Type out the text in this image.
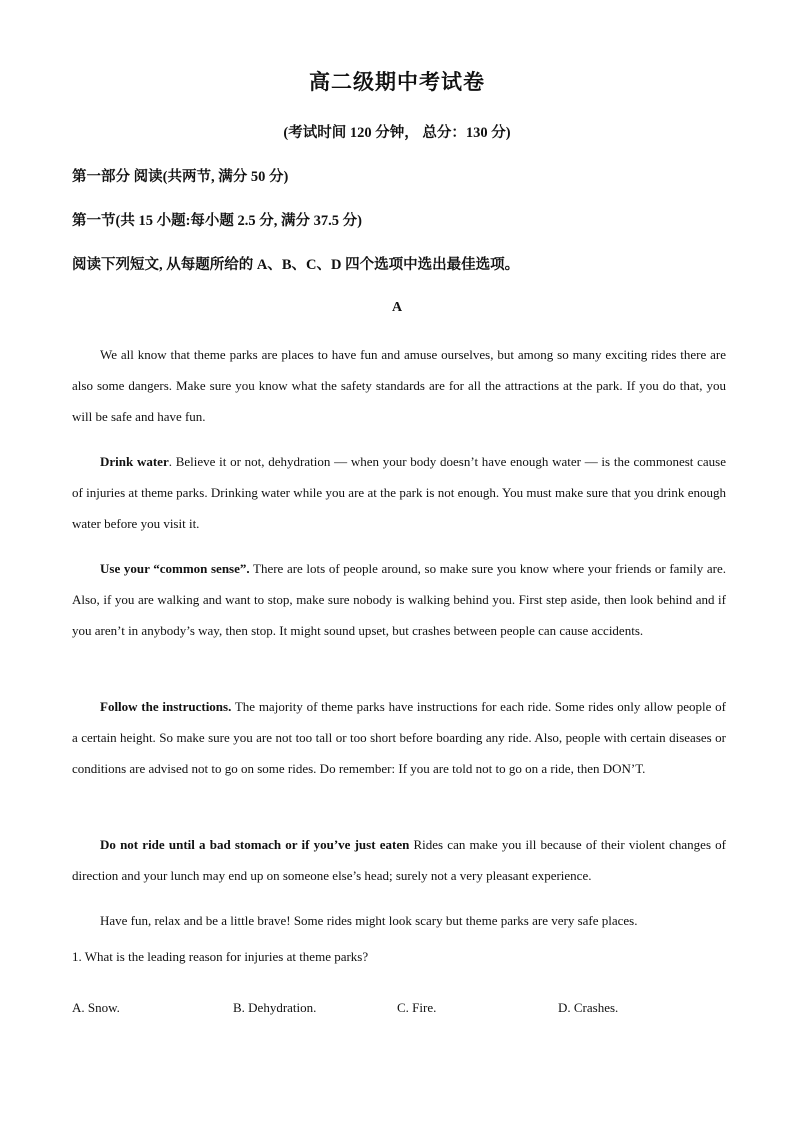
高二级期中考试卷
(考试时间 120 分钟， 总分：130 分)
第一部分 阅读(共两节, 满分 50 分)
第一节(共 15 小题:每小题 2.5 分, 满分 37.5 分)
阅读下列短文, 从每题所给的 A、B、C、D 四个选项中选出最佳选项。
A

We all know that theme parks are places to have fun and amuse ourselves, but among so many exciting rides there are also some dangers. Make sure you know what the safety standards are for all the attractions at the park. If you do that, you will be safe and have fun.

Drink water. Believe it or not, dehydration — when your body doesn’t have enough water — is the commonest cause of injuries at theme parks. Drinking water while you are at the park is not enough. You must make sure that you drink enough water before you visit it.

Use your “common sense”. There are lots of people around, so make sure you know where your friends or family are. Also, if you are walking and want to stop, make sure nobody is walking behind you. First step aside, then look behind and if you aren’t in anybody’s way, then stop. It might sound upset, but crashes between people can cause accidents.

Follow the instructions. The majority of theme parks have instructions for each ride. Some rides only allow people of a certain height. So make sure you are not too tall or too short before boarding any ride. Also, people with certain diseases or conditions are advised not to go on some rides. Do remember: If you are told not to go on a ride, then DON’T.

Do not ride until a bad stomach or if you’ve just eaten Rides can make you ill because of their violent changes of direction and your lunch may end up on someone else’s head; surely not a very pleasant experience.

Have fun, relax and be a little brave! Some rides might look scary but theme parks are very safe places.

1. What is the leading reason for injuries at theme parks?
A. Snow.	B. Dehydration.	C. Fire.	D. Crashes.
